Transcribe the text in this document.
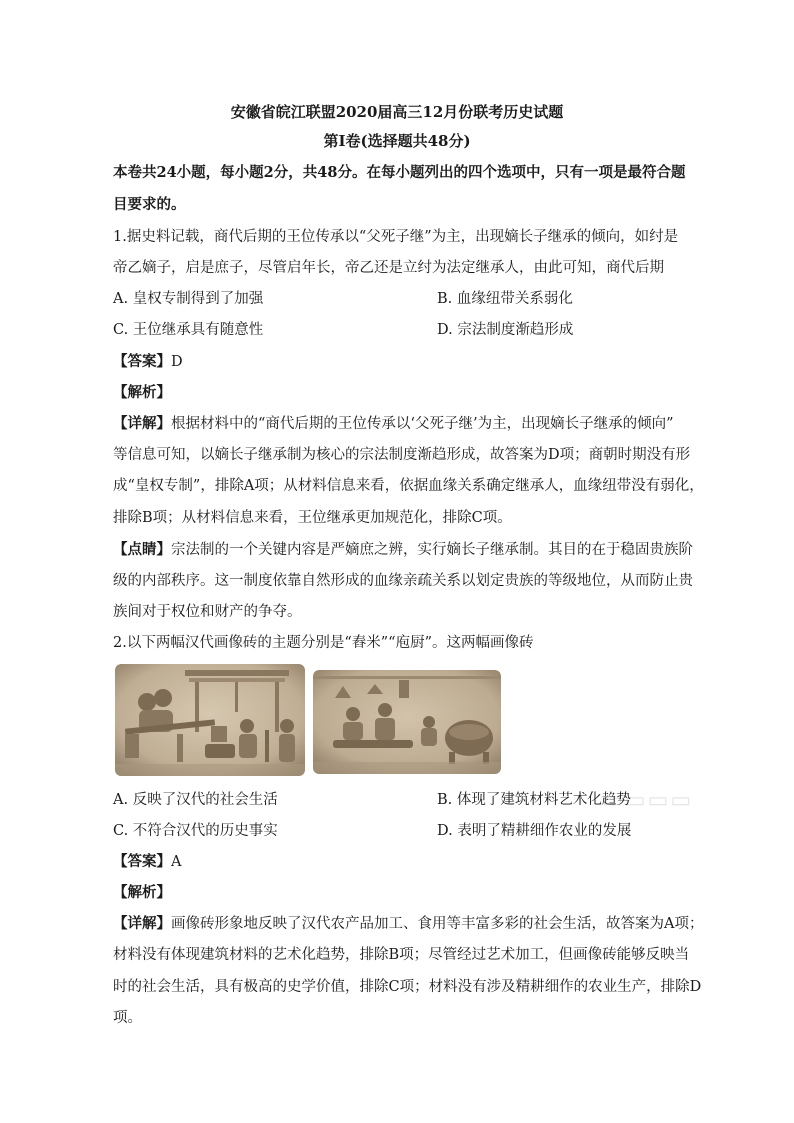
安徽省皖江联盟2020届高三12月份联考历史试题
第Ⅰ卷(选择题共48分)
本卷共24小题，每小题2分，共48分。在每小题列出的四个选项中，只有一项是最符合题
目要求的。
1.据史料记载，商代后期的王位传承以“父死子继”为主，出现嫡长子继承的倾向，如纣是
帝乙嫡子，启是庶子，尽管启年长，帝乙还是立纣为法定继承人，由此可知，商代后期
A. 皇权专制得到了加强	B. 血缘纽带关系弱化
C. 王位继承具有随意性	D. 宗法制度渐趋形成
【答案】D
【解析】
【详解】根据材料中的“商代后期的王位传承以‘父死子继’为主，出现嫡长子继承的倾向”
等信息可知，以嫡长子继承制为核心的宗法制度渐趋形成，故答案为D项；商朝时期没有形
成“皇权专制”，排除A项；从材料信息来看，依据血缘关系确定继承人，血缘纽带没有弱化，
排除B项；从材料信息来看，王位继承更加规范化，排除C项。
【点睛】宗法制的一个关键内容是严嫡庶之辨，实行嫡长子继承制。其目的在于稳固贵族阶
级的内部秩序。这一制度依靠自然形成的血缘亲疏关系以划定贵族的等级地位，从而防止贵
族间对于权位和财产的争夺。
2.以下两幅汉代画像砖的主题分别是“舂米”“庖厨”。这两幅画像砖
▭▭▭▭
A. 反映了汉代的社会生活	B. 体现了建筑材料艺术化趋势
C. 不符合汉代的历史事实	D. 表明了精耕细作农业的发展
【答案】A
【解析】
【详解】画像砖形象地反映了汉代农产品加工、食用等丰富多彩的社会生活，故答案为A项；
材料没有体现建筑材料的艺术化趋势，排除B项；尽管经过艺术加工，但画像砖能够反映当
时的社会生活，具有极高的史学价值，排除C项；材料没有涉及精耕细作的农业生产，排除D
项。
